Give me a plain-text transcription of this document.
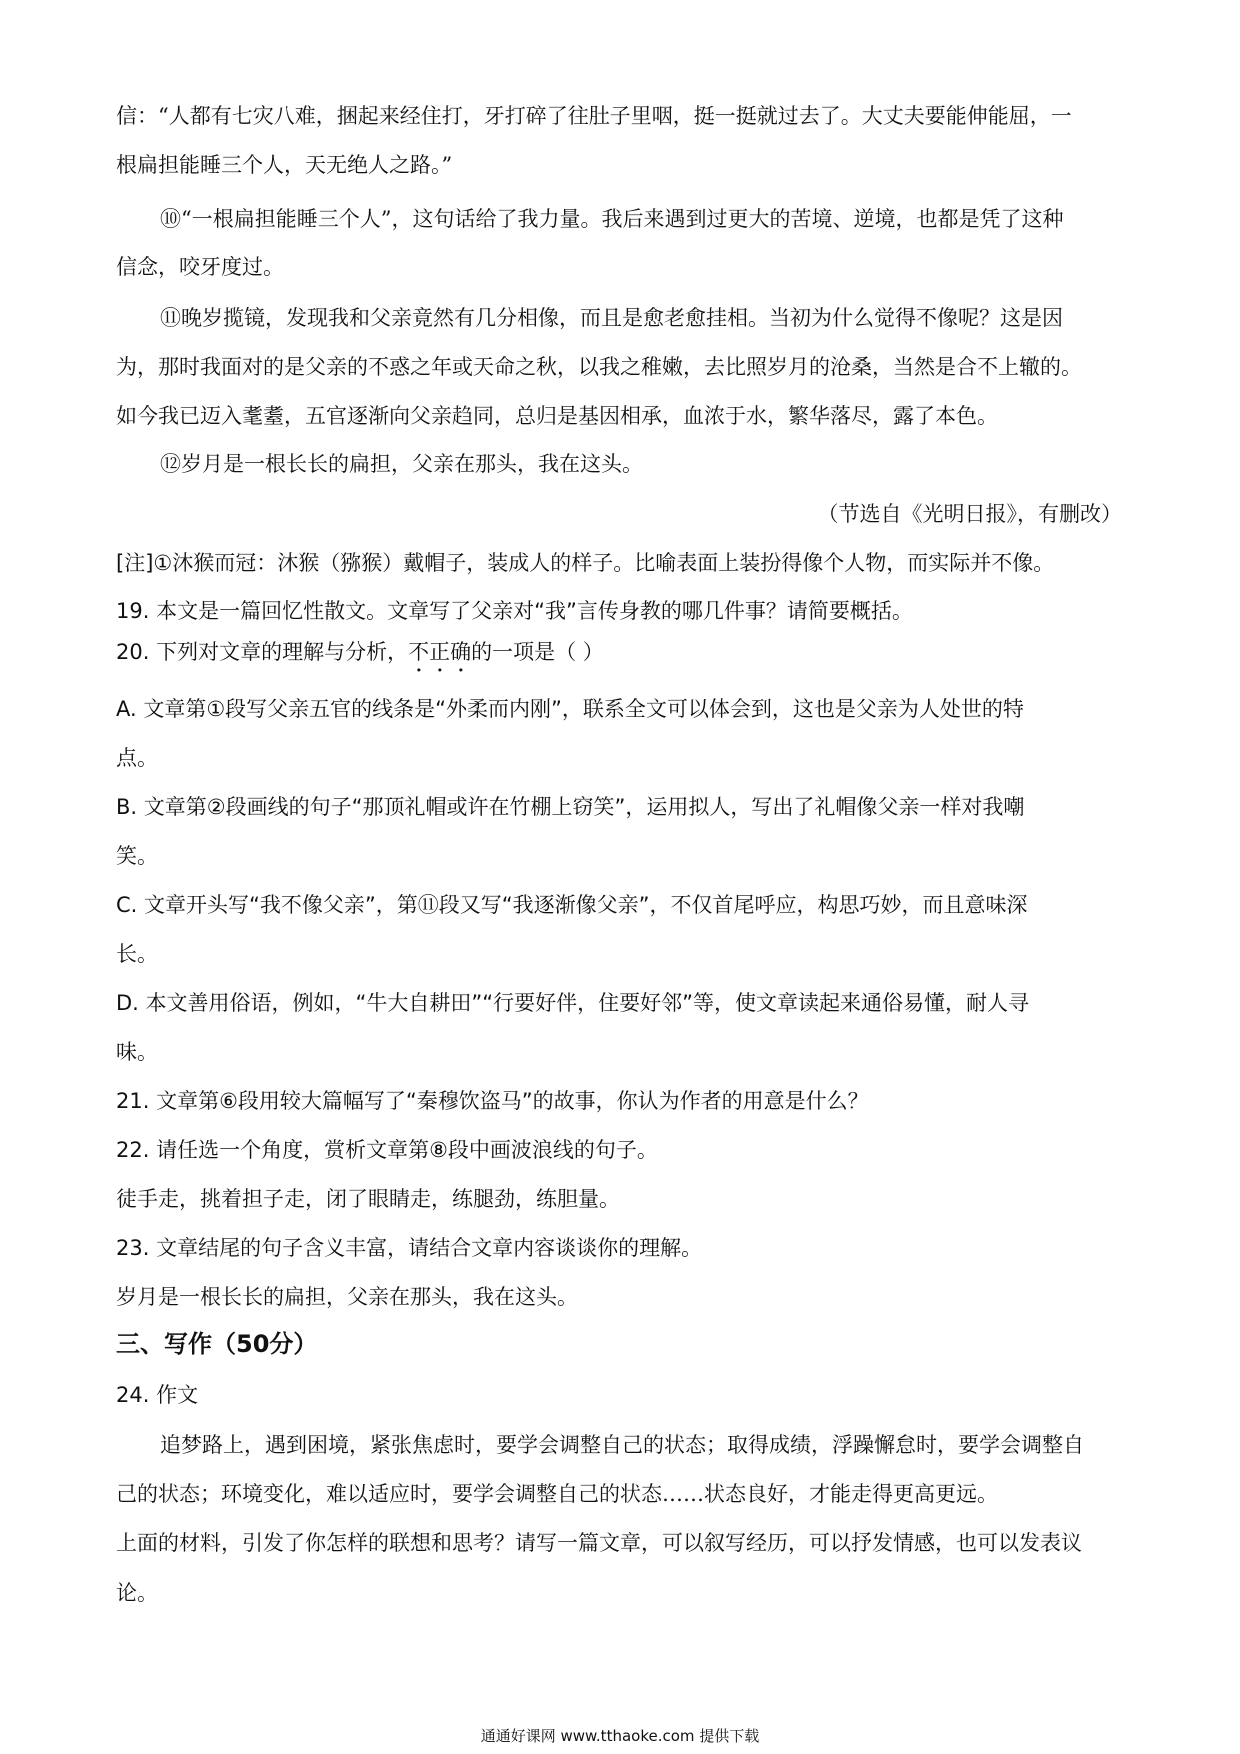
信：“人都有七灾八难，捆起来经住打，牙打碎了往肚子里咽，挺一挺就过去了。大丈夫要能伸能屈，一
根扁担能睡三个人，天无绝人之路。”
⑩“一根扁担能睡三个人”，这句话给了我力量。我后来遇到过更大的苦境、逆境，也都是凭了这种
信念，咬牙度过。
⑪晚岁揽镜，发现我和父亲竟然有几分相像，而且是愈老愈挂相。当初为什么觉得不像呢？这是因
为，那时我面对的是父亲的不惑之年或天命之秋，以我之稚嫩，去比照岁月的沧桑，当然是合不上辙的。
如今我已迈入耄耋，五官逐渐向父亲趋同，总归是基因相承，血浓于水，繁华落尽，露了本色。
⑫岁月是一根长长的扁担，父亲在那头，我在这头。
（节选自《光明日报》，有删改）
[注]①沐猴而冠：沐猴（猕猴）戴帽子，装成人的样子。比喻表面上装扮得像个人物，而实际并不像。
19. 本文是一篇回忆性散文。文章写了父亲对“我”言传身教的哪几件事？请简要概括。
20. 下列对文章的理解与分析，不正确的一项是（ ）
A. 文章第①段写父亲五官的线条是“外柔而内刚”，联系全文可以体会到，这也是父亲为人处世的特
点。
B. 文章第②段画线的句子“那顶礼帽或许在竹棚上窃笑”，运用拟人，写出了礼帽像父亲一样对我嘲
笑。
C. 文章开头写“我不像父亲”，第⑪段又写“我逐渐像父亲”，不仅首尾呼应，构思巧妙，而且意味深
长。
D. 本文善用俗语，例如，“牛大自耕田”“行要好伴，住要好邻”等，使文章读起来通俗易懂，耐人寻
味。
21. 文章第⑥段用较大篇幅写了“秦穆饮盗马”的故事，你认为作者的用意是什么？
22. 请任选一个角度，赏析文章第⑧段中画波浪线的句子。
徒手走，挑着担子走，闭了眼睛走，练腿劲，练胆量。
23. 文章结尾的句子含义丰富，请结合文章内容谈谈你的理解。
岁月是一根长长的扁担，父亲在那头，我在这头。
三、写作（50分）
24. 作文
追梦路上，遇到困境，紧张焦虑时，要学会调整自己的状态；取得成绩，浮躁懈怠时，要学会调整自
己的状态；环境变化，难以适应时，要学会调整自己的状态……状态良好，才能走得更高更远。
上面的材料，引发了你怎样的联想和思考？请写一篇文章，可以叙写经历，可以抒发情感，也可以发表议
论。
通通好课网 www.tthaoke.com 提供下载
